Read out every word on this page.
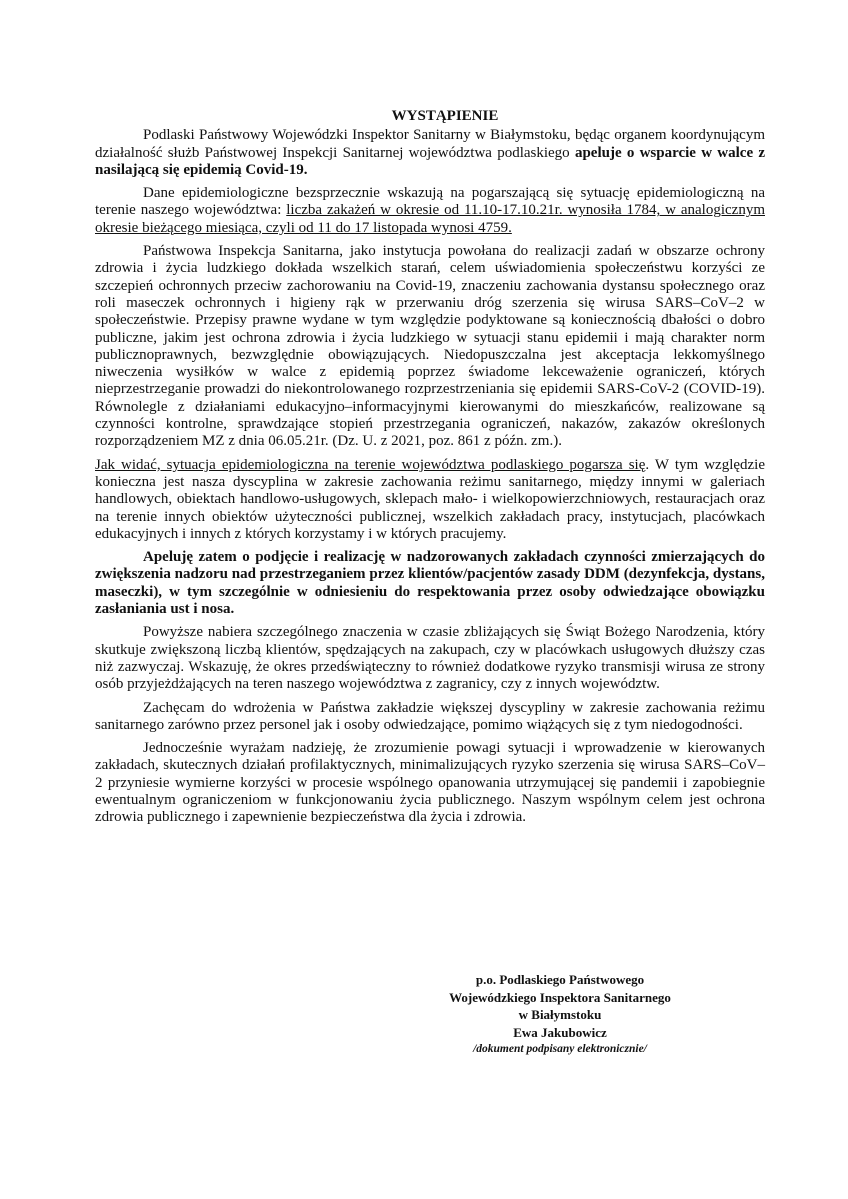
WYSTĄPIENIE

Podlaski Państwowy Wojewódzki Inspektor Sanitarny w Białymstoku, będąc organem koordynującym działalność służb Państwowej Inspekcji Sanitarnej województwa podlaskiego apeluje o wsparcie w walce z nasilającą się epidemią Covid-19.

Dane epidemiologiczne bezsprzecznie wskazują na pogarszającą się sytuację epidemiologiczną na terenie naszego województwa: liczba zakażeń w okresie od 11.10-17.10.21r. wynosiła 1784, w analogicznym okresie bieżącego miesiąca, czyli od 11 do 17 listopada wynosi 4759.

Państwowa Inspekcja Sanitarna, jako instytucja powołana do realizacji zadań w obszarze ochrony zdrowia i życia ludzkiego dokłada wszelkich starań, celem uświadomienia społeczeństwu korzyści ze szczepień ochronnych przeciw zachorowaniu na Covid-19, znaczeniu zachowania dystansu społecznego oraz roli maseczek ochronnych i higieny rąk w przerwaniu dróg szerzenia się wirusa SARS–CoV–2 w społeczeństwie. Przepisy prawne wydane w tym względzie podyktowane są koniecznością dbałości o dobro publiczne, jakim jest ochrona zdrowia i życia ludzkiego w sytuacji stanu epidemii i mają charakter norm publicznoprawnych, bezwzględnie obowiązujących. Niedopuszczalna jest akceptacja lekkomyślnego niweczenia wysiłków w walce z epidemią poprzez świadome lekceważenie ograniczeń, których nieprzestrzeganie prowadzi do niekontrolowanego rozprzestrzeniania się epidemii SARS-CoV-2 (COVID-19). Równolegle z działaniami edukacyjno–informacyjnymi kierowanymi do mieszkańców, realizowane są czynności kontrolne, sprawdzające stopień przestrzegania ograniczeń, nakazów, zakazów określonych rozporządzeniem MZ z dnia 06.05.21r. (Dz. U. z 2021, poz. 861 z późn. zm.).

Jak widać, sytuacja epidemiologiczna na terenie województwa podlaskiego pogarsza się. W tym względzie konieczna jest nasza dyscyplina w zakresie zachowania reżimu sanitarnego, między innymi w galeriach handlowych, obiektach handlowo-usługowych, sklepach mało- i wielkopowierzchniowych, restauracjach oraz na terenie innych obiektów użyteczności publicznej, wszelkich zakładach pracy, instytucjach, placówkach edukacyjnych i innych z których korzystamy i w których pracujemy.

Apeluję zatem o podjęcie i realizację w nadzorowanych zakładach czynności zmierzających do zwiększenia nadzoru nad przestrzeganiem przez klientów/pacjentów zasady DDM (dezynfekcja, dystans, maseczki), w tym szczególnie w odniesieniu do respektowania przez osoby odwiedzające obowiązku zasłaniania ust i nosa.

Powyższe nabiera szczególnego znaczenia w czasie zbliżających się Świąt Bożego Narodzenia, który skutkuje zwiększoną liczbą klientów, spędzających na zakupach, czy w placówkach usługowych dłuższy czas niż zazwyczaj. Wskazuję, że okres przedświąteczny to również dodatkowe ryzyko transmisji wirusa ze strony osób przyjeżdżających na teren naszego województwa z zagranicy, czy z innych województw.

Zachęcam do wdrożenia w Państwa zakładzie większej dyscypliny w zakresie zachowania reżimu sanitarnego zarówno przez personel jak i osoby odwiedzające, pomimo wiążących się z tym niedogodności.

Jednocześnie wyrażam nadzieję, że zrozumienie powagi sytuacji i wprowadzenie w kierowanych zakładach, skutecznych działań profilaktycznych, minimalizujących ryzyko szerzenia się wirusa SARS–CoV–2 przyniesie wymierne korzyści w procesie wspólnego opanowania utrzymującej się pandemii i zapobiegnie ewentualnym ograniczeniom w funkcjonowaniu życia publicznego. Naszym wspólnym celem jest ochrona zdrowia publicznego i zapewnienie bezpieczeństwa dla życia i zdrowia.

p.o. Podlaskiego Państwowego
Wojewódzkiego Inspektora Sanitarnego
w Białymstoku
Ewa Jakubowicz
/dokument podpisany elektronicznie/
